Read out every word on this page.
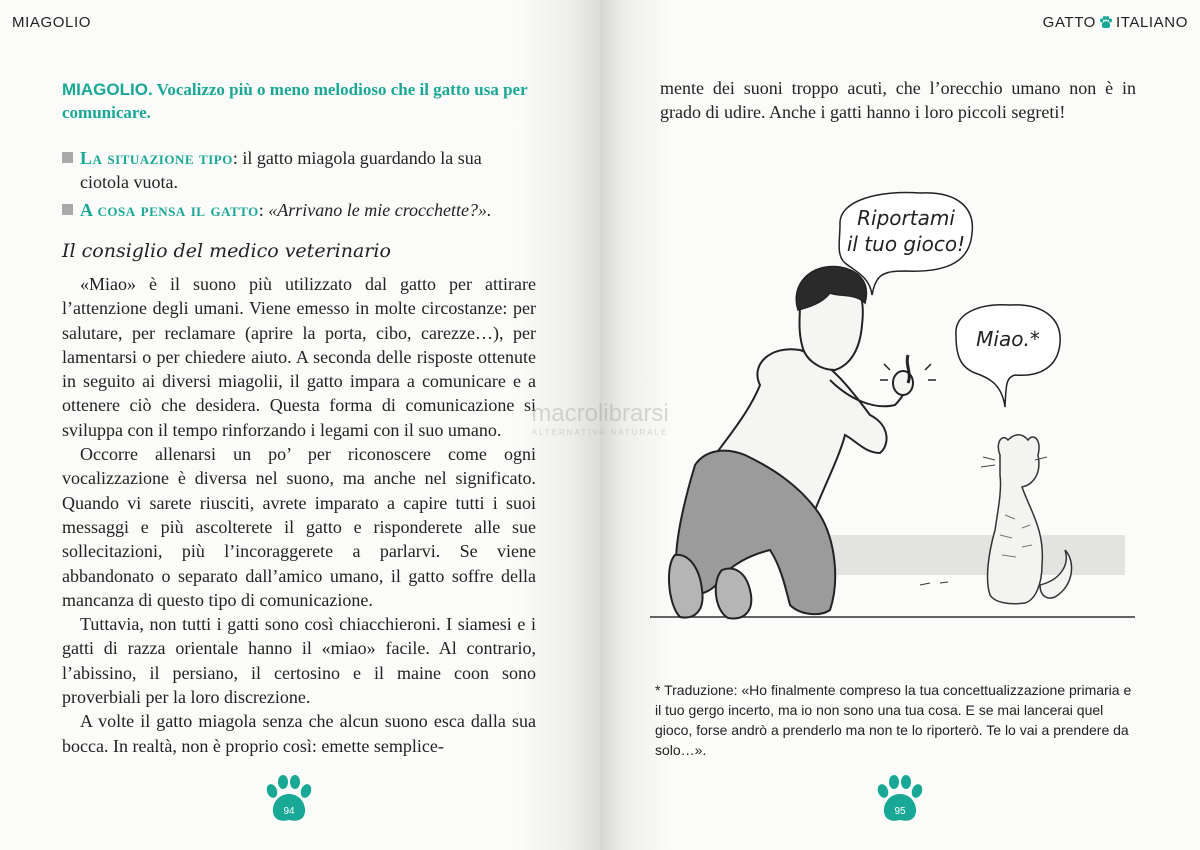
MIAGOLIO
MIAGOLIO. Vocalizzo più o meno melodioso che il gatto usa per comunicare.
La situazione tipo: il gatto miagola guardando la sua
ciotola vuota.
A cosa pensa il gatto: «Arrivano le mie crocchette?».
Il consiglio del medico veterinario

«Miao» è il suono più utilizzato dal gatto per attirare l’attenzione degli umani. Viene emesso in molte circostanze: per salutare, per reclamare (aprire la porta, cibo, carezze…), per lamentarsi o per chiedere aiuto. A seconda delle risposte ottenute in seguito ai diversi miagolii, il gatto impara a comunicare e a ottenere ciò che desidera. Questa forma di comunicazione si sviluppa con il tempo rinforzando i legami con il suo umano.

Occorre allenarsi un po’ per riconoscere come ogni vocalizzazione è diversa nel suono, ma anche nel significato. Quando vi sarete riusciti, avrete imparato a capire tutti i suoi messaggi e più ascolterete il gatto e risponderete alle sue sollecitazioni, più l’incoraggerete a parlarvi. Se viene abbandonato o separato dall’amico umano, il gatto soffre della mancanza di questo tipo di comunicazione.

Tuttavia, non tutti i gatti sono così chiacchieroni. I siamesi e i gatti di razza orientale hanno il «miao» facile. Al contrario, l’abissino, il persiano, il certosino e il maine coon sono proverbiali per la loro discrezione.

A volte il gatto miagola senza che alcun suono esca dalla sua bocca. In realtà, non è proprio così: emette semplice-

94
GATTO ITALIANO
95

mente dei suoni troppo acuti, che l’orecchio umano non è in grado di udire. Anche i gatti hanno i loro piccoli segreti!

Riportami
il tuo gioco!
Miao.*
* Traduzione: «Ho finalmente compreso la tua concettualizzazione primaria e il tuo gergo incerto, ma io non sono una tua cosa. E se mai lancerai quel gioco, forse andrò a prenderlo ma non te lo riporterò. Te lo vai a prendere da solo…».
macrolibrarsi
ALTERNATIVA NATURALE
